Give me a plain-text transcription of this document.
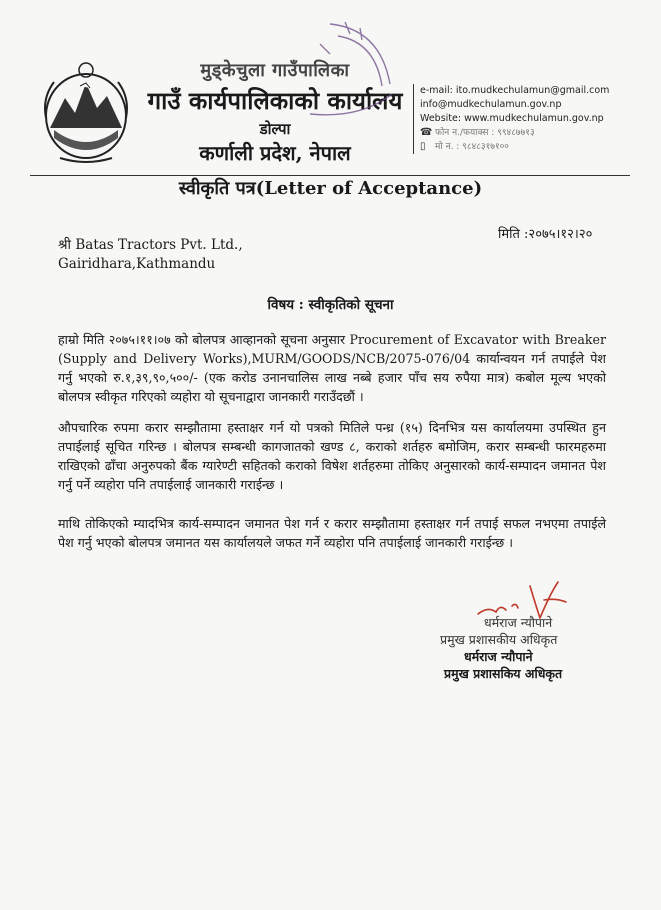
मुड्केचुला गाउँपालिका
गाउँ कार्यपालिकाको कार्यालय
डोल्पा
कर्णाली प्रदेश, नेपाल
e-mail: ito.mudkechulamun@gmail.com
info@mudkechulamun.gov.np
Website: www.mudkechulamun.gov.np
☎ फोन न./फयाक्स : ९९४८७७१३
▯	मो न. : ९८४८३१७१००
स्वीकृति पत्र(Letter of Acceptance)
मिति :२०७५।१२।२०
श्री Batas Tractors Pvt. Ltd.,
Gairidhara,Kathmandu
विषय : स्वीकृतिको सूचना
हाम्रो मिति २०७५।११।०७ को बोलपत्र आव्हानको सूचना अनुसार Procurement of Excavator with Breaker (Supply and Delivery Works),MURM/GOODS/NCB/2075-076/04 कार्यान्वयन गर्न तपाईले पेश गर्नु भएको रु.१,३९,९०,५००/- (एक करोड उनानचालिस लाख नब्बे हजार पाँच सय रुपैया मात्र) कबोल मूल्य भएको बोलपत्र स्वीकृत गरिएको व्यहोरा यो सूचनाद्वारा जानकारी गराउँदछौं ।
औपचारिक रुपमा करार सम्झौतामा हस्ताक्षर गर्न यो पत्रको मितिले पन्ध्र (१५) दिनभित्र यस कार्यालयमा उपस्थित हुन तपाईलाई सूचित गरिन्छ । बोलपत्र सम्बन्धी कागजातको खण्ड ८, कराको शर्तहरु बमोजिम, करार सम्बन्धी फारमहरुमा राखिएको ढाँचा अनुरुपको बैंक ग्यारेण्टी सहितको कराको विषेश शर्तहरुमा तोकिए अनुसारको कार्य-सम्पादन जमानत पेश गर्नु पर्ने व्यहोरा पनि तपाईलाई जानकारी गराईन्छ ।
माथि तोकिएको म्यादभित्र कार्य-सम्पादन जमानत पेश गर्न र करार सम्झौतामा हस्ताक्षर गर्न तपाई सफल नभएमा तपाईले पेश गर्नु भएको बोलपत्र जमानत यस कार्यालयले जफत गर्ने व्यहोरा पनि तपाईलाई जानकारी गराईन्छ ।
धर्मराज न्यौपाने
प्रमुख प्रशासकीय अधिकृत
धर्मराज न्यौपाने
प्रमुख प्रशासकिय अधिकृत
